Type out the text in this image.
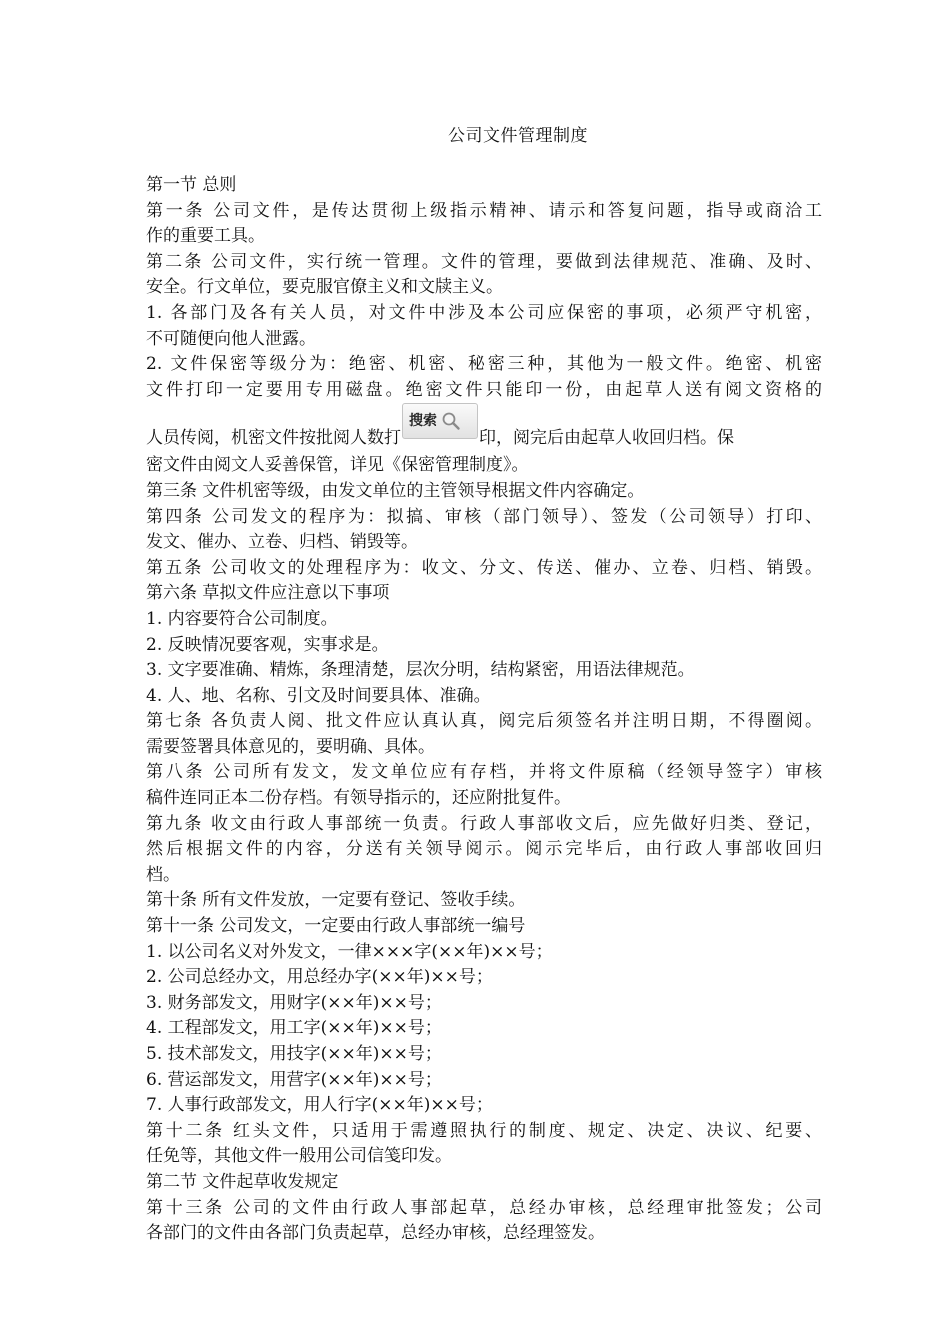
公司文件管理制度
第一节 总则
第一条 公司文件，是传达贯彻上级指示精神、请示和答复问题，指导或商洽工
作的重要工具。
第二条 公司文件，实行统一管理。文件的管理，要做到法律规范、准确、及时、
安全。行文单位，要克服官僚主义和文牍主义。
1. 各部门及各有关人员，对文件中涉及本公司应保密的事项，必须严守机密，
不可随便向他人泄露。
2. 文件保密等级分为：绝密、机密、秘密三种，其他为一般文件。绝密、机密
文件打印一定要用专用磁盘。绝密文件只能印一份，由起草人送有阅文资格的
人员传阅，机密文件按批阅人数打
搜索
印，阅完后由起草人收回归档。保
密文件由阅文人妥善保管，详见《保密管理制度》。
第三条 文件机密等级，由发文单位的主管领导根据文件内容确定。
第四条 公司发文的程序为：拟搞、审核（部门领导）、签发（公司领导）打印、
发文、催办、立卷、归档、销毁等。
第五条 公司收文的处理程序为：收文、分文、传送、催办、立卷、归档、销毁。
第六条 草拟文件应注意以下事项
1. 内容要符合公司制度。
2. 反映情况要客观，实事求是。
3. 文字要准确、精炼，条理清楚，层次分明，结构紧密，用语法律规范。
4. 人、地、名称、引文及时间要具体、准确。
第七条 各负责人阅、批文件应认真认真，阅完后须签名并注明日期，不得圈阅。
需要签署具体意见的，要明确、具体。
第八条 公司所有发文，发文单位应有存档，并将文件原稿（经领导签字）审核
稿件连同正本二份存档。有领导指示的，还应附批复件。
第九条 收文由行政人事部统一负责。行政人事部收文后，应先做好归类、登记，
然后根据文件的内容，分送有关领导阅示。阅示完毕后，由行政人事部收回归
档。
第十条 所有文件发放，一定要有登记、签收手续。
第十一条 公司发文，一定要由行政人事部统一编号
1. 以公司名义对外发文，一律×××字(××年)××号；
2. 公司总经办文，用总经办字(××年)××号；
3. 财务部发文，用财字(××年)××号；
4. 工程部发文，用工字(××年)××号；
5. 技术部发文，用技字(××年)××号；
6. 营运部发文，用营字(××年)××号；
7. 人事行政部发文，用人行字(××年)××号；
第十二条 红头文件，只适用于需遵照执行的制度、规定、决定、决议、纪要、
任免等，其他文件一般用公司信笺印发。
第二节 文件起草收发规定
第十三条 公司的文件由行政人事部起草，总经办审核，总经理审批签发；公司
各部门的文件由各部门负责起草，总经办审核，总经理签发。
